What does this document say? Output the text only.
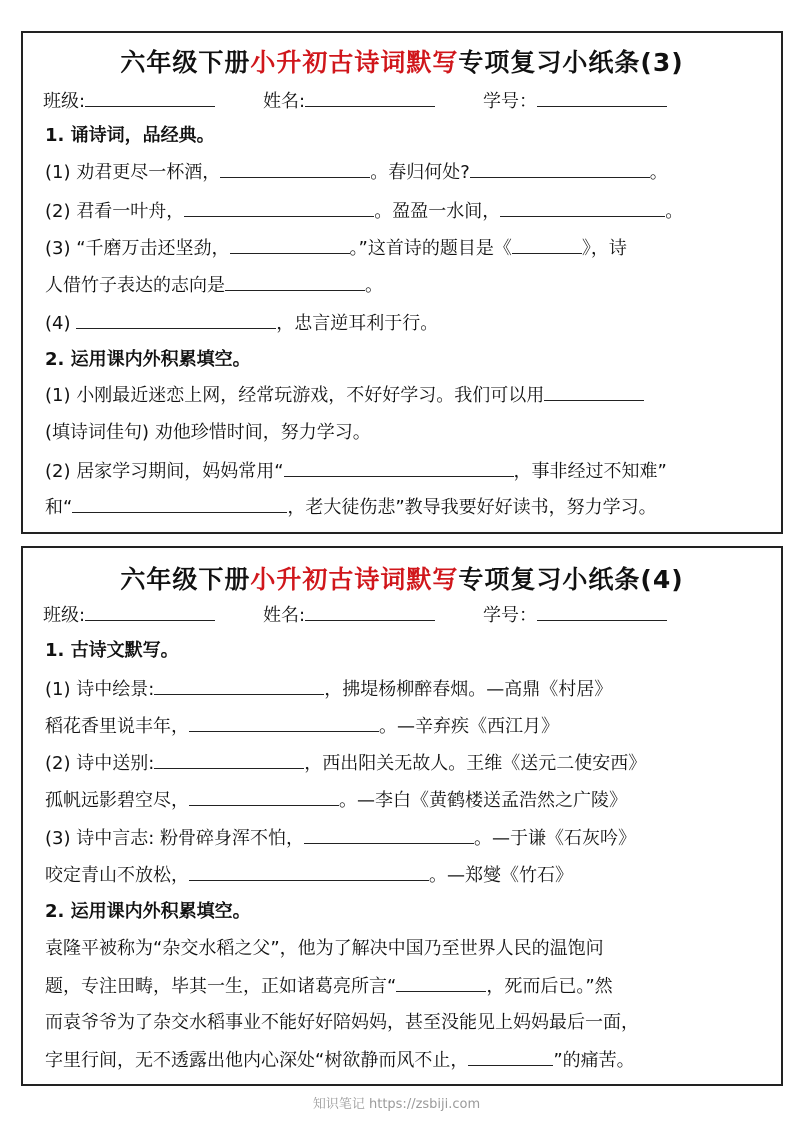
六年级下册小升初古诗词默写专项复习小纸条(3)
班级:	姓名:	学号：
1. 诵诗词，品经典。
(1) 劝君更尽一杯酒，	。春归何处?	。
(2) 君看一叶舟，	。盈盈一水间，	。
(3) “千磨万击还坚劲，	。”这首诗的题目是《	》，诗
人借竹子表达的志向是	。
(4)	，忠言逆耳利于行。
2. 运用课内外积累填空。
(1) 小刚最近迷恋上网，经常玩游戏，不好好学习。我们可以用
(填诗词佳句) 劝他珍惜时间，努力学习。
(2) 居家学习期间，妈妈常用“	，事非经过不知难”
和“	，老大徒伤悲”教导我要好好读书，努力学习。
六年级下册小升初古诗词默写专项复习小纸条(4)
班级:	姓名:	学号：
1. 古诗文默写。
(1) 诗中绘景:	，拂堤杨柳醉春烟。—高鼎《村居》
稻花香里说丰年，	。—辛弃疾《西江月》
(2) 诗中送别:	，西出阳关无故人。王维《送元二使安西》
孤帆远影碧空尽，	。—李白《黄鹤楼送孟浩然之广陵》
(3) 诗中言志: 粉骨碎身浑不怕，	。—于谦《石灰吟》
咬定青山不放松，	。—郑燮《竹石》
2. 运用课内外积累填空。
袁隆平被称为“杂交水稻之父”，他为了解决中国乃至世界人民的温饱问
题，专注田畴，毕其一生，正如诸葛亮所言“	，死而后已。”然
而袁爷爷为了杂交水稻事业不能好好陪妈妈，甚至没能见上妈妈最后一面，
字里行间，无不透露出他内心深处“树欲静而风不止，	”的痛苦。
知识笔记 https://zsbiji.com
